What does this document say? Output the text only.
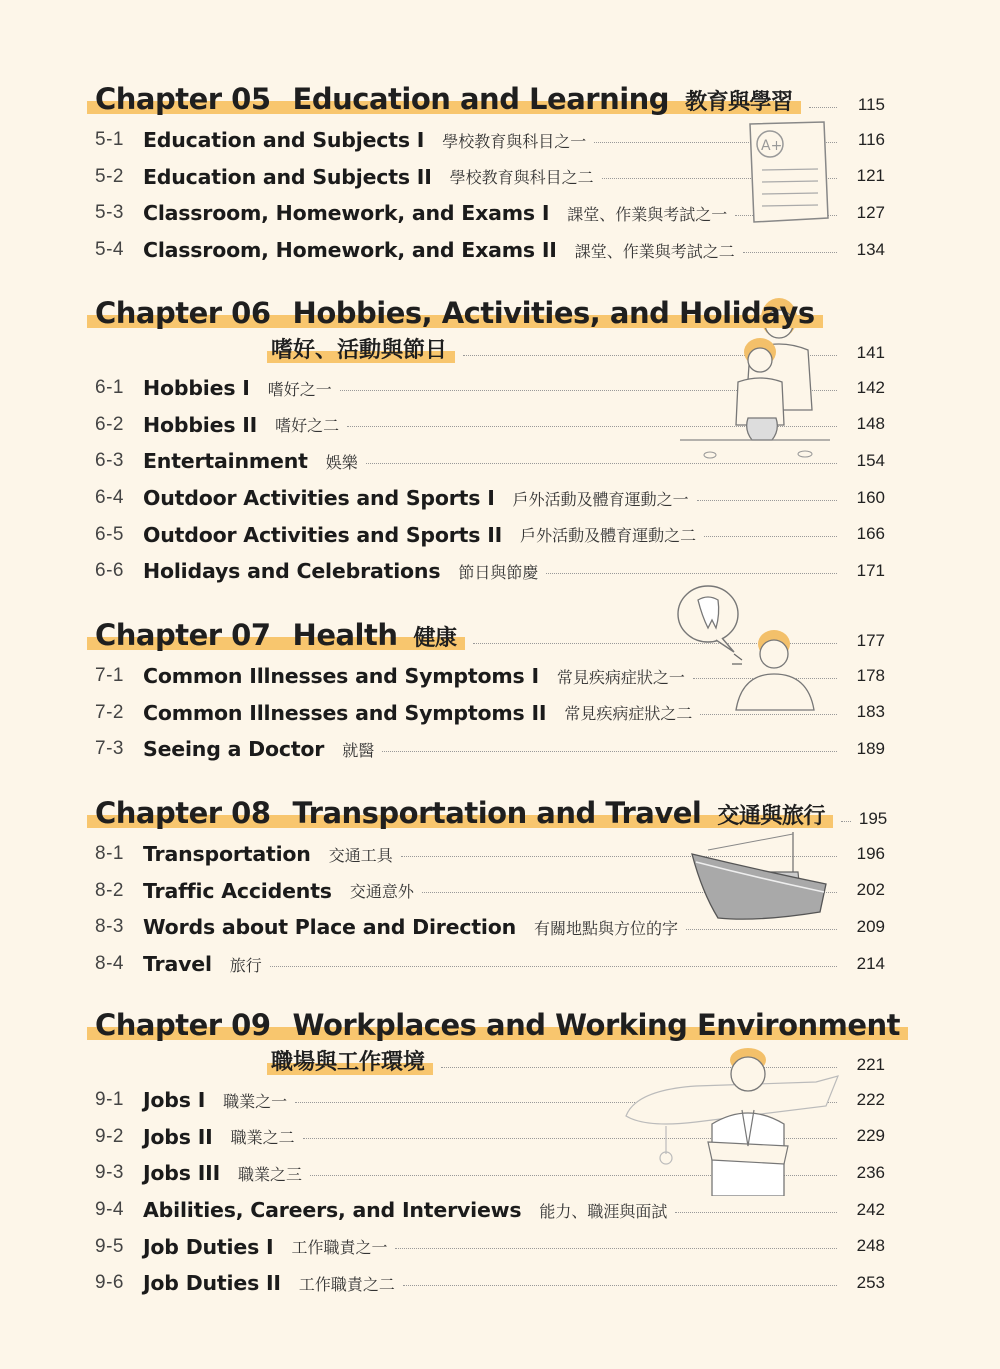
Chapter 05 Education and Learning 教育與學習	115
5-1 Education and Subjects I 學校教育與科目之一	116
5-2 Education and Subjects II 學校教育與科目之二	121
5-3 Classroom, Homework, and Exams I 課堂、作業與考試之一	127
5-4 Classroom, Homework, and Exams II 課堂、作業與考試之二	134
Chapter 06 Hobbies, Activities, and Holidays
嗜好、活動與節日	141
6-1 Hobbies I 嗜好之一	142
6-2 Hobbies II 嗜好之二	148
6-3 Entertainment 娛樂	154
6-4 Outdoor Activities and Sports I 戶外活動及體育運動之一	160
6-5 Outdoor Activities and Sports II 戶外活動及體育運動之二	166
6-6 Holidays and Celebrations 節日與節慶	171
Chapter 07 Health 健康	177
7-1 Common Illnesses and Symptoms I 常見疾病症狀之一	178
7-2 Common Illnesses and Symptoms II 常見疾病症狀之二	183
7-3 Seeing a Doctor 就醫	189
Chapter 08 Transportation and Travel 交通與旅行 195
8-1 Transportation 交通工具	196
8-2 Traffic Accidents 交通意外	202
8-3 Words about Place and Direction 有關地點與方位的字	209
8-4 Travel 旅行	214
Chapter 09 Workplaces and Working Environment
職場與工作環境	221
9-1 Jobs I 職業之一	222
9-2 Jobs II 職業之二	229
9-3 Jobs III 職業之三	236
9-4 Abilities, Careers, and Interviews 能力、職涯與面試	242
9-5 Job Duties I 工作職責之一	248
9-6 Job Duties II 工作職責之二	253
A+
